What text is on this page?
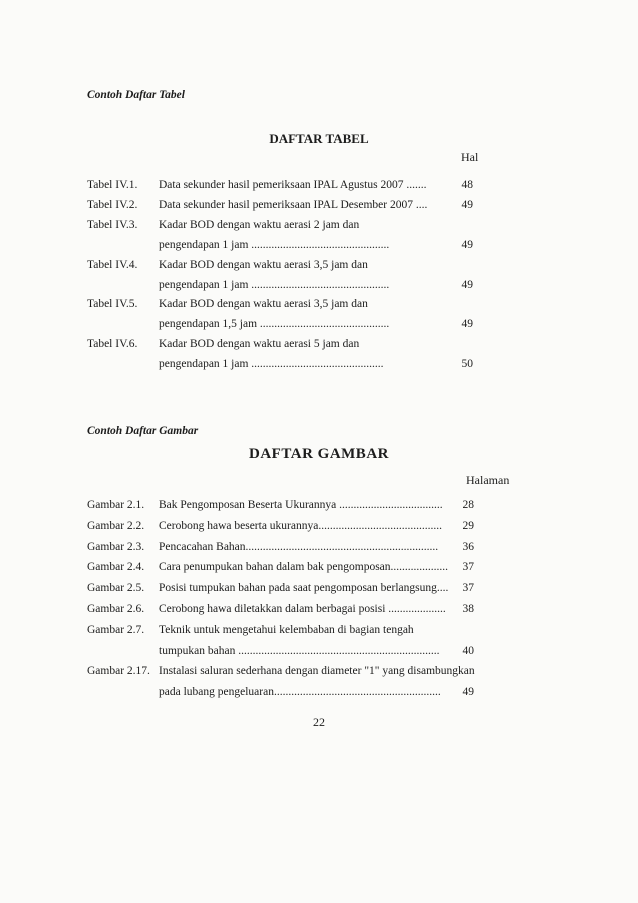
Contoh Daftar Tabel
DAFTAR TABEL
Hal
Tabel IV.1. Data sekunder hasil pemeriksaan IPAL Agustus 2007 .......	48
Tabel IV.2. Data sekunder hasil pemeriksaan IPAL Desember 2007 ....	49
Tabel IV.3. Kadar BOD dengan waktu aerasi 2 jam dan
pengendapan 1 jam ................................................	49
Tabel IV.4. Kadar BOD dengan waktu aerasi 3,5 jam dan
pengendapan 1 jam ................................................	49
Tabel IV.5. Kadar BOD dengan waktu aerasi 3,5 jam dan
pengendapan 1,5 jam .............................................	49
Tabel IV.6. Kadar BOD dengan waktu aerasi 5 jam dan
pengendapan 1 jam ..............................................	50
Contoh Daftar Gambar
DAFTAR GAMBAR
Halaman
Gambar 2.1. Bak Pengomposan Beserta Ukurannya ....................................	28
Gambar 2.2. Cerobong hawa beserta ukurannya...........................................	29
Gambar 2.3. Pencacahan Bahan...................................................................	36
Gambar 2.4. Cara penumpukan bahan dalam bak pengomposan....................	37
Gambar 2.5. Posisi tumpukan bahan pada saat pengomposan berlangsung....	37
Gambar 2.6. Cerobong hawa diletakkan dalam berbagai posisi ....................	38
Gambar 2.7. Teknik untuk mengetahui kelembaban di bagian tengah
tumpukan bahan ......................................................................	40
Gambar 2.17. Instalasi saluran sederhana dengan diameter "1" yang disambungkan
pada lubang pengeluaran..........................................................	49
22
